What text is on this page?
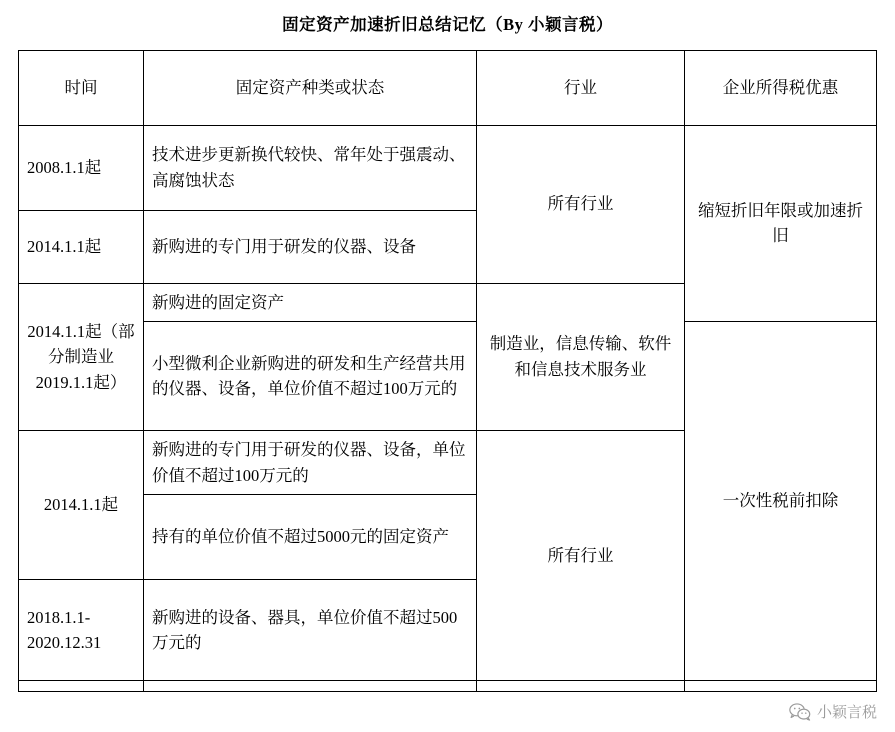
固定资产加速折旧总结记忆（By 小颖言税）			
时间	固定资产种类或状态	行业	企业所得税优惠
2008.1.1起	技术进步更新换代较快、常年处于强震动、高腐蚀状态	所有行业	缩短折旧年限或加速折旧
2014.1.1起	新购进的专门用于研发的仪器、设备		
2014.1.1起（部分制造业2019.1.1起）	新购进的固定资产	制造业，信息传输、软件和信息技术服务业	
	小型微利企业新购进的研发和生产经营共用的仪器、设备，单位价值不超过100万元的		一次性税前扣除
2014.1.1起	新购进的专门用于研发的仪器、设备，单位价值不超过100万元的	所有行业	
	持有的单位价值不超过5000元的固定资产		
2018.1.1-2020.12.31	新购进的设备、器具，单位价值不超过500万元的		

小颖言税
